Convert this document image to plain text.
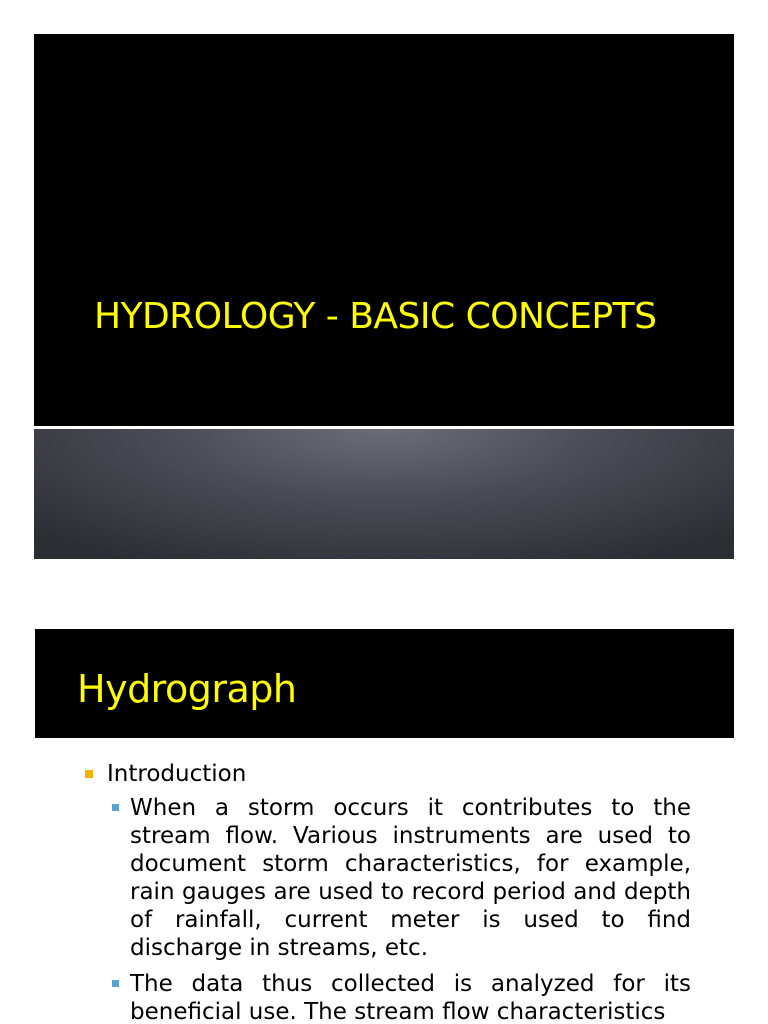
HYDROLOGY - BASIC CONCEPTS
Hydrograph
Introduction
When a storm occurs it contributes to the stream flow. Various instruments are used to document storm characteristics, for example, rain gauges are used to record period and depth of rainfall, current meter is used to find discharge in streams, etc.
The data thus collected is analyzed for its beneficial use. The stream flow characteristics
